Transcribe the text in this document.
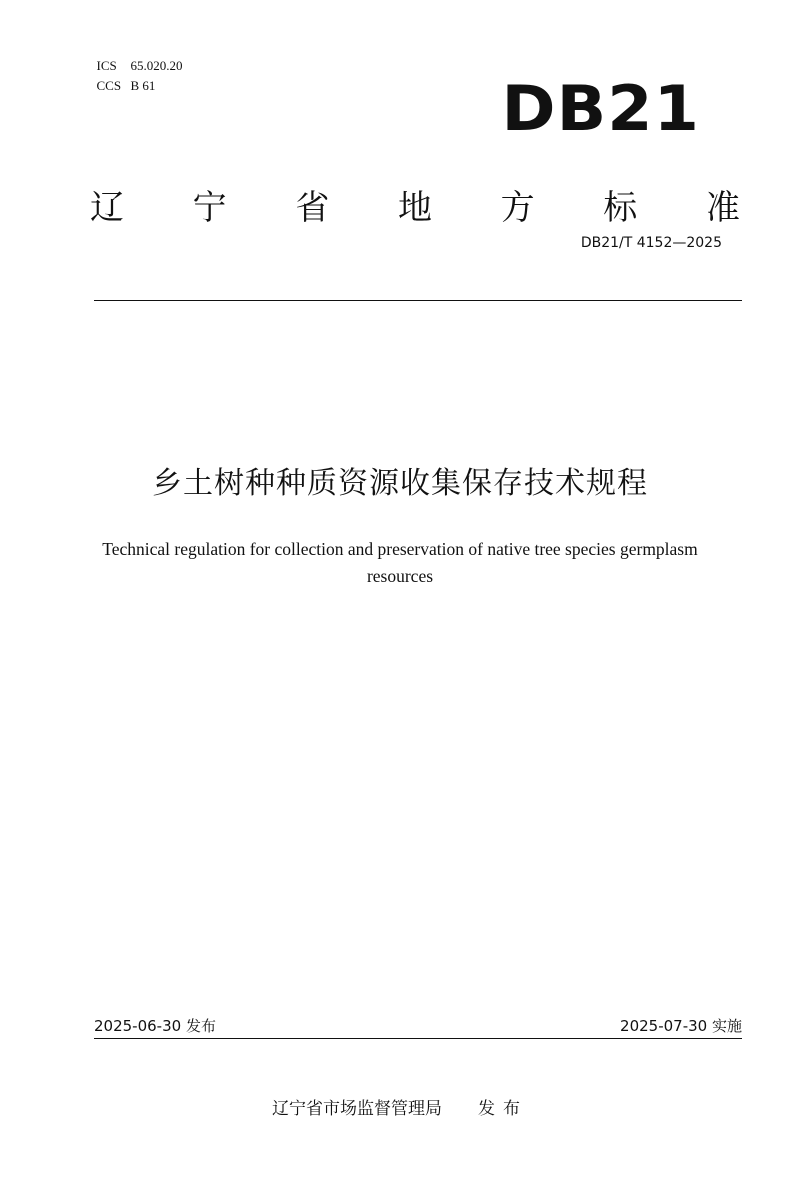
ICS 65.020.20

CCS B 61	DB21
辽 宁 省 地 方 标 准
DB21/T 4152—2025
乡土树种种质资源收集保存技术规程
Technical regulation for collection and preservation of native tree species germplasm
resources
2025-06-30 发布	2025-07-30 实施
辽宁省市场监督管理局 发布
